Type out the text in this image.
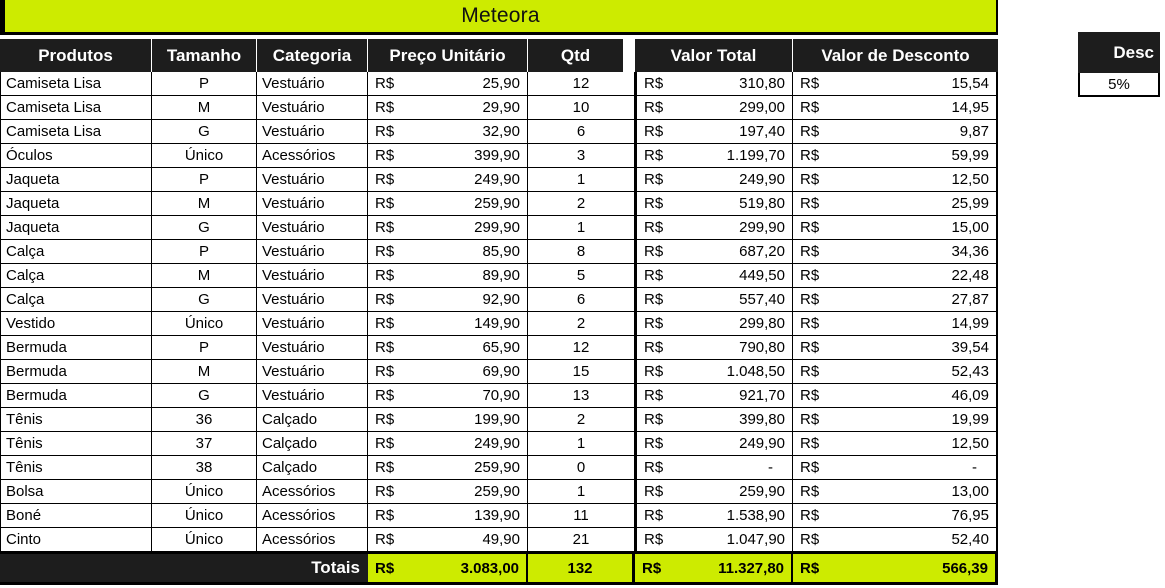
Meteora
Produtos	Tamanho	Categoria	Preço Unitário	Qtd	Valor Total	Valor de Desconto
Camiseta Lisa	P	Vestuário	R$	25,90	12	R$	310,80 R$	15,54
Camiseta Lisa	M	Vestuário	R$	29,90	10	R$	299,00 R$	14,95
Camiseta Lisa	G	Vestuário	R$	32,90	6	R$	197,40 R$	9,87
Óculos	Único	Acessórios	R$	399,90	3	R$	1.199,70 R$	59,99
Jaqueta	P	Vestuário	R$	249,90	1	R$	249,90 R$	12,50
Jaqueta	M	Vestuário	R$	259,90	2	R$	519,80 R$	25,99
Jaqueta	G	Vestuário	R$	299,90	1	R$	299,90 R$	15,00
Calça	P	Vestuário	R$	85,90	8	R$	687,20 R$	34,36
Calça	M	Vestuário	R$	89,90	5	R$	449,50 R$	22,48
Calça	G	Vestuário	R$	92,90	6	R$	557,40 R$	27,87
Vestido	Único	Vestuário	R$	149,90	2	R$	299,80 R$	14,99
Bermuda	P	Vestuário	R$	65,90	12	R$	790,80 R$	39,54
Bermuda	M	Vestuário	R$	69,90	15	R$	1.048,50 R$	52,43
Bermuda	G	Vestuário	R$	70,90	13	R$	921,70 R$	46,09
Tênis	36	Calçado	R$	199,90	2	R$	399,80 R$	19,99
Tênis	37	Calçado	R$	249,90	1	R$	249,90 R$	12,50
Tênis	38	Calçado	R$	259,90	0	R$	-	R$	-
Bolsa	Único	Acessórios	R$	259,90	1	R$	259,90 R$	13,00
Boné	Único	Acessórios	R$	139,90	11	R$	1.538,90 R$	76,95
Cinto	Único	Acessórios	R$	49,90	21	R$	1.047,90 R$	52,40
Totais	R$	3.083,00	132	R$	11.327,80 R$	566,39
Desc
5%
